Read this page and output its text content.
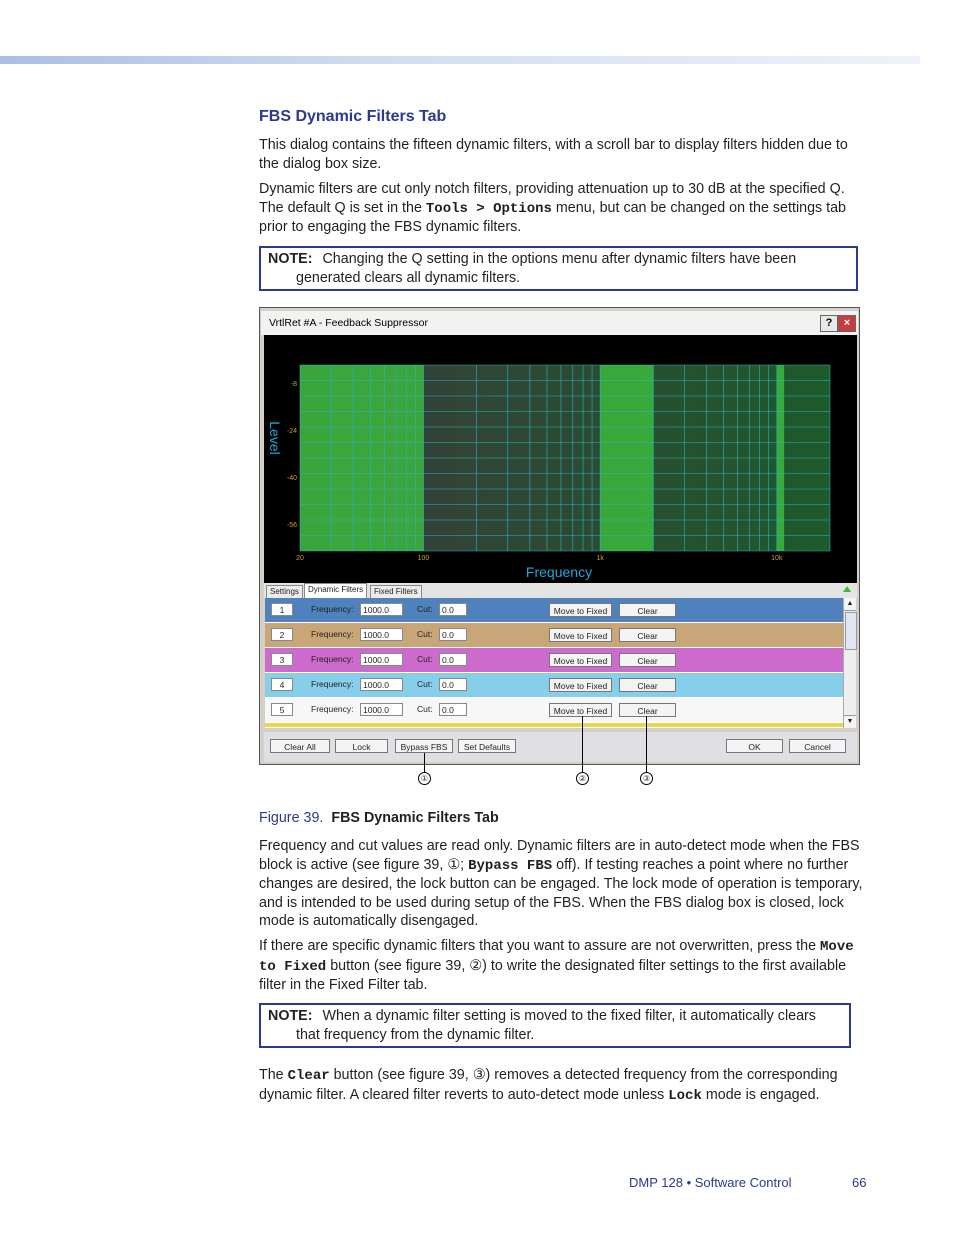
FBS Dynamic Filters Tab
This dialog contains the fifteen dynamic filters, with a scroll bar to display filters hidden due to the dialog box size.
Dynamic filters are cut only notch filters, providing attenuation up to 30 dB at the specified Q. The default Q is set in the Tools > Options menu, but can be changed on the settings tab prior to engaging the FBS dynamic filters.
NOTE: Changing the Q setting in the options menu after dynamic filters have been generated clears all dynamic filters.
VrtlRet #A - Feedback Suppressor	?	×
-8
-24
-40
-56
20	100	1k	10k
Frequency
Level
Settings	Dynamic Filters	Fixed Filters
1	Frequency:	1000.0	Cut:	0.0	Move to Fixed	Clear
2	Frequency:	1000.0	Cut:	0.0	Move to Fixed	Clear
3	Frequency:	1000.0	Cut:	0.0	Move to Fixed	Clear
4	Frequency:	1000.0	Cut:	0.0	Move to Fixed	Clear
5	Frequency:	1000.0	Cut:	0.0	Move to Fixed	Clear
▲
▼
Clear All	Lock	Bypass FBS	Set Defaults	OK	Cancel
①	②	③
Figure 39. FBS Dynamic Filters Tab
Frequency and cut values are read only. Dynamic filters are in auto-detect mode when the FBS block is active (see figure 39, ①; Bypass FBS off). If testing reaches a point where no further changes are desired, the lock button can be engaged. The lock mode of operation is temporary, and is intended to be used during setup of the FBS. When the FBS dialog box is closed, lock mode is automatically disengaged.
If there are specific dynamic filters that you want to assure are not overwritten, press the Move to Fixed button (see figure 39, ②) to write the designated filter settings to the first available filter in the Fixed Filter tab.
NOTE: When a dynamic filter setting is moved to the fixed filter, it automatically clears that frequency from the dynamic filter.
The Clear button (see figure 39, ③) removes a detected frequency from the corresponding dynamic filter. A cleared filter reverts to auto-detect mode unless Lock mode is engaged.
DMP 128 • Software Control	66
